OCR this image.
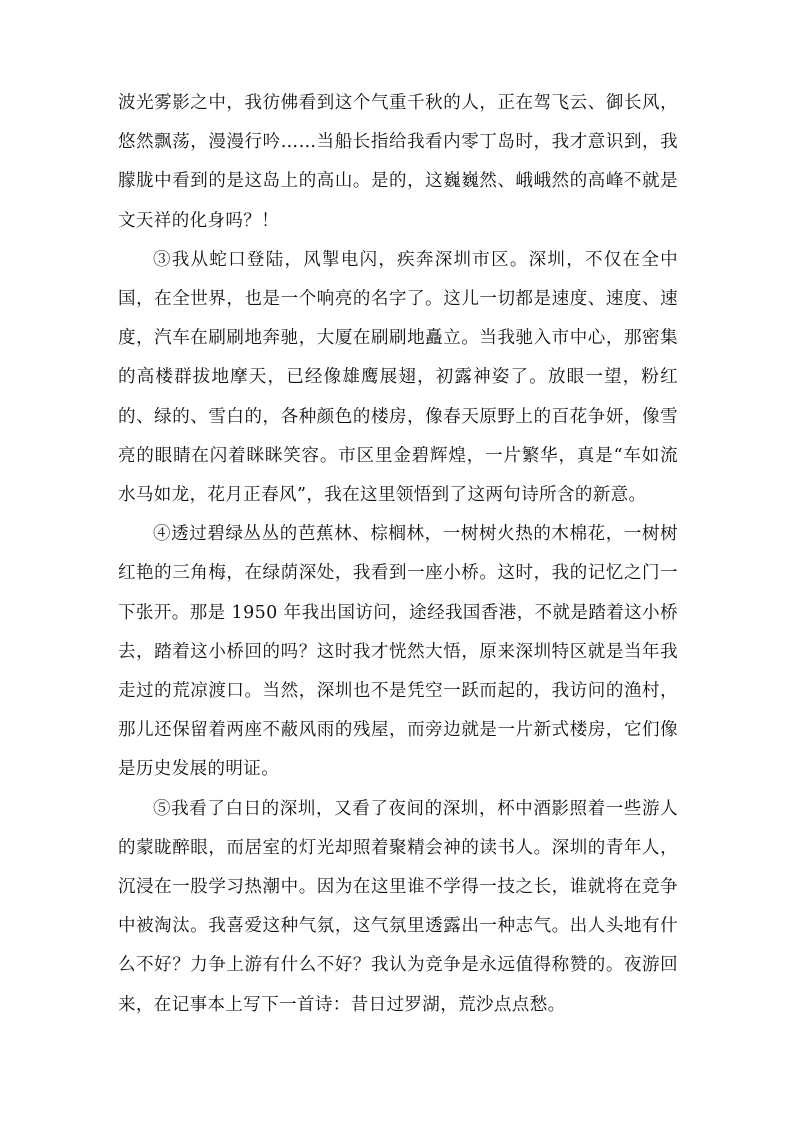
波光雾影之中，我彷佛看到这个气重千秋的人，正在驾飞云、御长风，悠然飘荡，漫漫行吟……当船长指给我看内零丁岛时，我才意识到，我朦胧中看到的是这岛上的高山。是的，这巍巍然、峨峨然的高峰不就是文天祥的化身吗？！

③我从蛇口登陆，风掣电闪，疾奔深圳市区。深圳，不仅在全中国，在全世界，也是一个响亮的名字了。这儿一切都是速度、速度、速度，汽车在刷刷地奔驰，大厦在刷刷地矗立。当我驰入市中心，那密集的高楼群拔地摩天，已经像雄鹰展翅，初露神姿了。放眼一望，粉红的、绿的、雪白的，各种颜色的楼房，像春天原野上的百花争妍，像雪亮的眼睛在闪着眯眯笑容。市区里金碧辉煌，一片繁华，真是“车如流水马如龙，花月正春风”，我在这里领悟到了这两句诗所含的新意。

④透过碧绿丛丛的芭蕉林、棕榈林，一树树火热的木棉花，一树树红艳的三角梅，在绿荫深处，我看到一座小桥。这时，我的记忆之门一下张开。那是 1950 年我出国访问，途经我国香港，不就是踏着这小桥去，踏着这小桥回的吗？这时我才恍然大悟，原来深圳特区就是当年我走过的荒凉渡口。当然，深圳也不是凭空一跃而起的，我访问的渔村，那儿还保留着两座不蔽风雨的残屋，而旁边就是一片新式楼房，它们像是历史发展的明证。

⑤我看了白日的深圳，又看了夜间的深圳，杯中酒影照着一些游人的蒙眬醉眼，而居室的灯光却照着聚精会神的读书人。深圳的青年人，沉浸在一股学习热潮中。因为在这里谁不学得一技之长，谁就将在竞争中被淘汰。我喜爱这种气氛，这气氛里透露出一种志气。出人头地有什么不好？力争上游有什么不好？我认为竞争是永远值得称赞的。夜游回来，在记事本上写下一首诗：昔日过罗湖，荒沙点点愁。
